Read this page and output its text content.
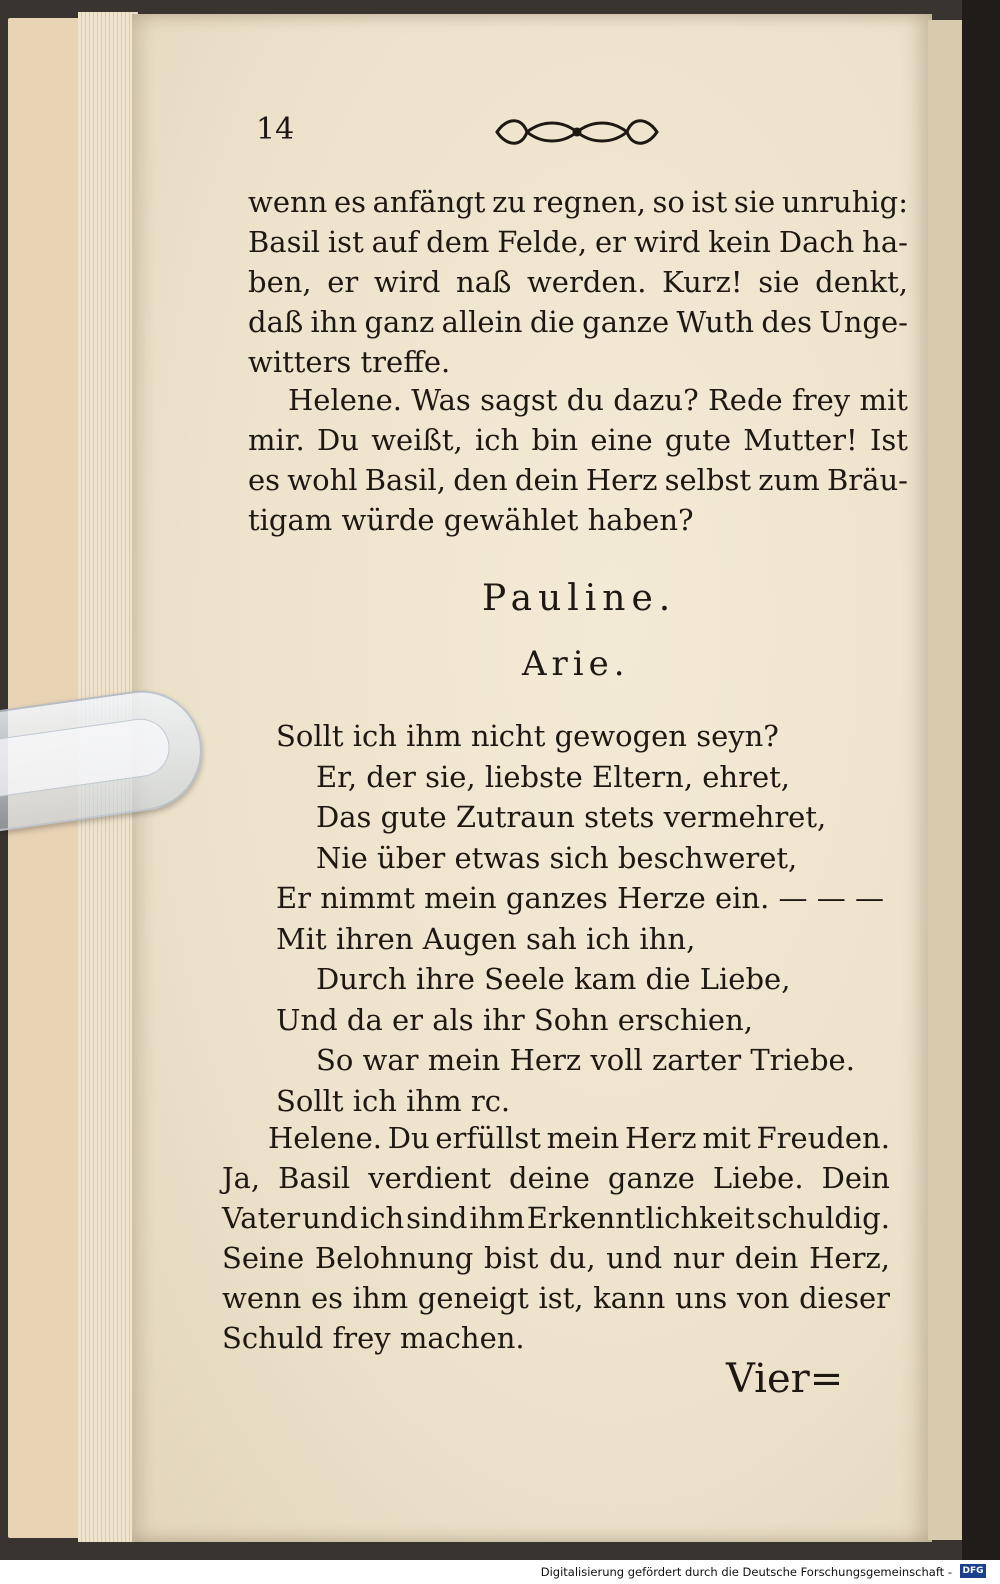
14
wenn es anfängt zu regnen, so ist sie unruhig:
Basil ist auf dem Felde, er wird kein Dach ha-
ben, er wird naß werden. Kurz! sie denkt,
daß ihn ganz allein die ganze Wuth des Unge-
witters treffe.
Helene. Was sagst du dazu? Rede frey mit
mir. Du weißt, ich bin eine gute Mutter! Ist
es wohl Basil, den dein Herz selbst zum Bräu-
tigam würde gewählet haben?
Pauline.
Arie.
Sollt ich ihm nicht gewogen seyn?
Er, der sie, liebste Eltern, ehret,
Das gute Zutraun stets vermehret,
Nie über etwas sich beschweret,
Er nimmt mein ganzes Herze ein. — — —
Mit ihren Augen sah ich ihn,
Durch ihre Seele kam die Liebe,
Und da er als ihr Sohn erschien,
So war mein Herz voll zarter Triebe.
Sollt ich ihm rc.
Helene. Du erfüllst mein Herz mit Freuden.
Ja, Basil verdient deine ganze Liebe. Dein
Vater und ich sind ihm Erkenntlichkeit schuldig.
Seine Belohnung bist du, und nur dein Herz,
wenn es ihm geneigt ist, kann uns von dieser
Schuld frey machen.
Vier=
Digitalisierung gefördert durch die Deutsche Forschungsgemeinschaft - DFG
